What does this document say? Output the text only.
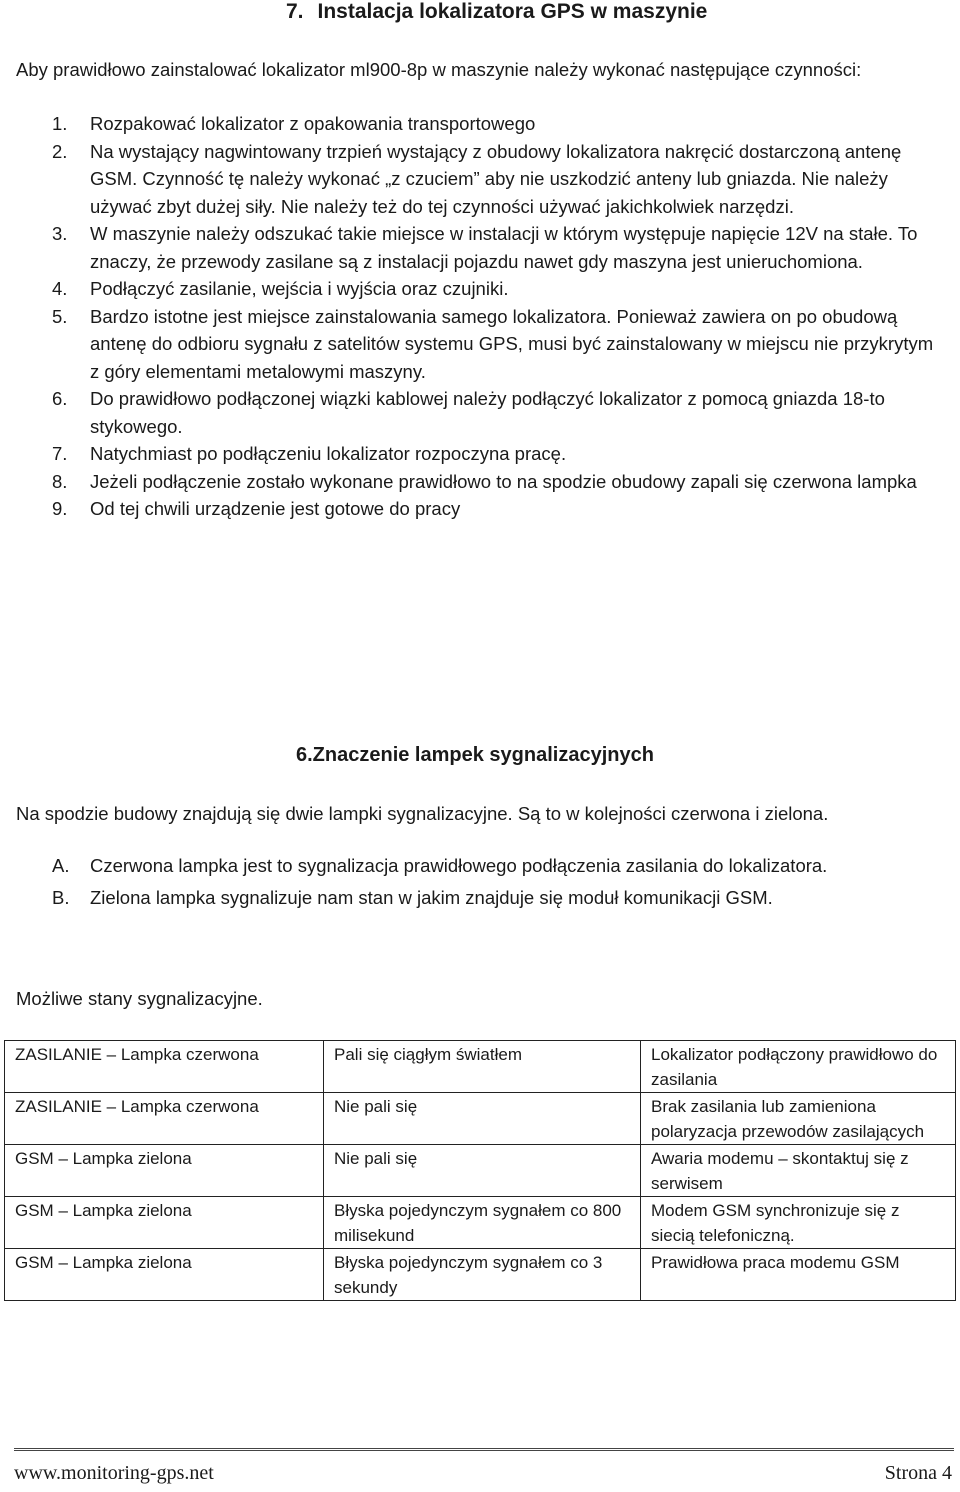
7. Instalacja lokalizatora GPS w maszynie
Aby prawidłowo zainstalować lokalizator ml900-8p w maszynie należy wykonać następujące czynności:
1.	Rozpakować lokalizator z opakowania transportowego
2.	Na wystający nagwintowany trzpień wystający z obudowy lokalizatora nakręcić dostarczoną antenę GSM. Czynność tę należy wykonać „z czuciem” aby nie uszkodzić anteny lub gniazda. Nie należy używać zbyt dużej siły. Nie należy też do tej czynności używać jakichkolwiek narzędzi.
3.	W maszynie należy odszukać takie miejsce w instalacji w którym występuje napięcie 12V na stałe. To znaczy, że przewody zasilane są z instalacji pojazdu nawet gdy maszyna jest unieruchomiona.
4.	Podłączyć zasilanie, wejścia i wyjścia oraz czujniki.
5.	Bardzo istotne jest miejsce zainstalowania samego lokalizatora. Ponieważ zawiera on po obudową antenę do odbioru sygnału z satelitów systemu GPS, musi być zainstalowany w miejscu nie przykrytym z góry elementami metalowymi maszyny.
6.	Do prawidłowo podłączonej wiązki kablowej należy podłączyć lokalizator z pomocą gniazda 18-to stykowego.
7.	Natychmiast po podłączeniu lokalizator rozpoczyna pracę.
8.	Jeżeli podłączenie zostało wykonane prawidłowo to na spodzie obudowy zapali się czerwona lampka
9.	Od tej chwili urządzenie jest gotowe do pracy
6.Znaczenie lampek sygnalizacyjnych
Na spodzie budowy znajdują się dwie lampki sygnalizacyjne. Są to w kolejności czerwona i zielona.
A. Czerwona lampka jest to sygnalizacja prawidłowego podłączenia zasilania do lokalizatora.
B. Zielona lampka sygnalizuje nam stan w jakim znajduje się moduł komunikacji GSM.
Możliwe stany sygnalizacyjne.
ZASILANIE – Lampka czerwona	Pali się ciągłym światłem	Lokalizator podłączony prawidłowo do zasilania
ZASILANIE – Lampka czerwona	Nie pali się	Brak zasilania lub zamieniona polaryzacja przewodów zasilających
GSM – Lampka zielona	Nie pali się	Awaria modemu – skontaktuj się z serwisem
GSM – Lampka zielona	Błyska pojedynczym sygnałem co 800 milisekund	Modem GSM synchronizuje się z siecią telefoniczną.
GSM – Lampka zielona	Błyska pojedynczym sygnałem co 3 sekundy	Prawidłowa praca modemu GSM
www.monitoring-gps.net	Strona 4
